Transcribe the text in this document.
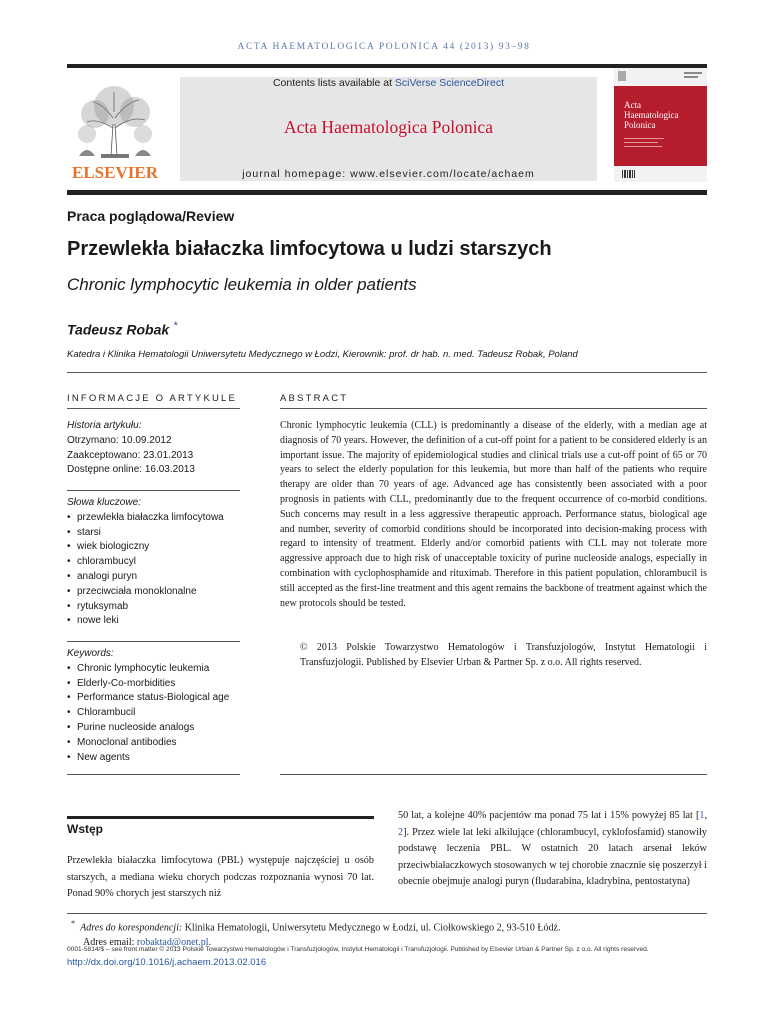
ACTA HAEMATOLOGICA POLONICA 44 (2013) 93–98
ELSEVIER
Contents lists available at SciVerse ScienceDirect
Acta Haematologica Polonica
journal homepage: www.elsevier.com/locate/achaem
Acta
Haematologica
Polonica
Praca poglądowa/Review
Przewlekła białaczka limfocytowa u ludzi starszych
Chronic lymphocytic leukemia in older patients
Tadeusz Robak *
Katedra i Klinika Hematologii Uniwersytetu Medycznego w Łodzi, Kierownik: prof. dr hab. n. med. Tadeusz Robak, Poland
INFORMACJE O ARTYKULE	ABSTRACT
Historia artykułu:
Otrzymano: 10.09.2012
Zaakceptowano: 23.01.2013
Dostępne online: 16.03.2013
Słowa kluczowe:
• przewlekła białaczka limfocytowa
• starsi
• wiek biologiczny
• chlorambucyl
• analogi puryn
• przeciwciała monoklonalne
• rytuksymab
• nowe leki
Keywords:
• Chronic lymphocytic leukemia
• Elderly-Co-morbidities
• Performance status-Biological age
• Chlorambucil
• Purine nucleoside analogs
• Monoclonal antibodies
• New agents

Chronic lymphocytic leukemia (CLL) is predominantly a disease of the elderly, with a median age at diagnosis of 70 years. However, the definition of a cut-off point for a patient to be considered elderly is an important issue. The majority of epidemiological studies and clinical trials use a cut-off point of 65 or 70 years to select the elderly population for this leukemia, but more than half of the patients who require therapy are older than 70 years of age. Advanced age has consistently been associated with a poor prognosis in patients with CLL, predominantly due to the frequent occurrence of co-morbid conditions. Such concerns may result in a less aggressive therapeutic approach. Performance status, biological age and number, severity of comorbid conditions should be incorporated into decision-making process with regard to intensity of treatment. Elderly and/or comorbid patients with CLL may not tolerate more aggressive approach due to high risk of unacceptable toxicity of purine nucleoside analogs, especially in combination with cyclophosphamide and rituximab. Therefore in this patient population, chlorambucil is still accepted as the first-line treatment and this agent remains the backbone of treatment against which the new protocols should be tested.

© 2013 Polskie Towarzystwo Hematologów i Transfuzjologów, Instytut Hematologii i Transfuzjologii. Published by Elsevier Urban & Partner Sp. z o.o. All rights reserved.
Wstęp
Przewlekła białaczka limfocytowa (PBL) występuje najczęściej u osób starszych, a mediana wieku chorych podczas rozpoznania wynosi 70 lat. Ponad 90% chorych jest starszych niż
50 lat, a kolejne 40% pacjentów ma ponad 75 lat i 15% powyżej 85 lat [1, 2]. Przez wiele lat leki alkilujące (chlorambucyl, cyklofosfamid) stanowiły podstawę leczenia PBL. W ostatnich 20 latach arsenał leków przeciwbiałaczkowych stosowanych w tej chorobie znacznie się poszerzył i obecnie obejmuje analogi puryn (fludarabina, kladrybina, pentostatyna)
* Adres do korespondencji: Klinika Hematologii, Uniwersytetu Medycznego w Łodzi, ul. Ciołkowskiego 2, 93-510 Łódź.
Adres email: robaktad@onet.pl.
0001-5814/$ – see front matter © 2013 Polskie Towarzystwo Hematologów i Transfuzjologów, Instytut Hematologii i Transfuzjologii. Published by Elsevier Urban & Partner Sp. z o.o. All rights reserved.
http://dx.doi.org/10.1016/j.achaem.2013.02.016
